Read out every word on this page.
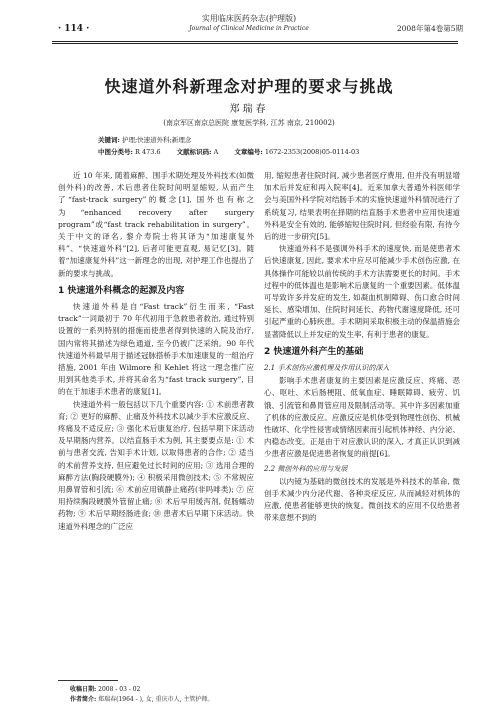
· 114 ·
实用临床医药杂志(护理版)
Journal of Clinical Medicine in Practice	2008年第4卷第5期
快速道外科新理念对护理的要求与挑战
郑瑞春
(南京军区南京总医院 康复医学科, 江苏 南京, 210002)
关键词: 护理;快速道外科;新理念
中图分类号: R 473.6 文献标识码: A 文章编号: 1672-2353(2008)05-0114-03

近 10 年来, 随着麻醉、围手术期处理及外科技术(如微创外科)的改善, 术后患者住院时间明显缩短, 从而产生了“fast-track surgery”的概念[1], 国外也有称之为“enhanced recovery after surgery program”或“fast track rehabilitation in surgery”。关于中文的译名, 黎介寿院士将其译为“加速康复外科”、“快速道外科”[2], 后者可能更直观, 易记忆[3]。随着“加速康复外科”这一新理念的出现, 对护理工作也提出了新的要求与挑战。

1 快速道外科概念的起源及内容

快速道外科是自“Fast track”衍生而来, “Fast track”一词最初于 70 年代初用于急救患者救治, 通过特别设置的一系列特别的措施而使患者得到快速的入院及治疗, 国内常将其描述为绿色通道, 至今仍被广泛采纳。90 年代快速道外科最早用于描述冠脉搭桥手术加速康复的一组治疗措施, 2001 年由 Wilmore 和 Kehlet 将这一理念推广应用到其他类手术, 并将其命名为“fast track surgery”, 目的在于加速手术患者的康复[1]。

快速道外科一般包括以下几个重要内容: ① 术前患者教育; ② 更好的麻醉、止痛及外科技术以减少手术应激反应、疼痛及不适反应; ③ 强化术后康复治疗, 包括早期下床活动及早期肠内营养。以结直肠手术为例, 其主要要点是: ① 术前与患者交流, 告知手术计划, 以取得患者的合作; ② 适当的术前营养支持, 但应避免过长时间的应用; ③ 选用合理的麻醉方法(胸段硬膜外); ④ 积极采用微创技术; ⑤ 不常规应用鼻胃管和引流; ⑥ 术前应用镇静止痛药(非吗啡类); ⑦ 应用持续胸段硬膜外管留止痛; ⑧ 术后早用缓泻剂, 促肠蠕动药物; ⑨ 术后早期经肠进食; ⑩ 患者术后早期下床活动。快速道外科理念的广泛应

用, 缩短患者住院时间, 减少患者医疗费用, 但并没有明显增加术后并发症和再入院率[4]。近来加拿大普通外科医师学会与美国外科学院对结肠手术的实施快速道外科情况进行了系统复习, 结果表明在择期的结直肠手术患者中应用快速道外科是安全有效的, 能够缩短住院时间, 但经验有限, 有待今后的进一步研究[5]。

快速道外科不是强调外科手术的速度快, 而是使患者术后快速康复, 因此, 要求术中应尽可能减少手术创伤应激, 在具体操作可能较以前传统的手术方法需要更长的时间。手术过程中的低体温也是影响术后康复的一个重要因素。低体温可导致许多并发症的发生, 如凝血机制障碍、伤口愈合时间延长、感染增加、住院时间延长、药物代谢速度降低, 还可引起严重的心肺疾患。手术期间采取积极主动的保温措施会显著降低以上并发症的发生率, 有利于患者的康复。

2 快速道外科产生的基础
2.1 手术创伤应激机理及作用认识的深入

影响手术患者康复的主要因素是应激反应、疼痛、恶心、呕吐、术后肠梗阻、低氧血症、睡眠障碍、疲劳、饥饿、引流管和鼻胃管应用及限制活动等。其中许多因素加重了机体的应激反应。应激反应是机体受到物理性创伤、机械性破坏、化学性侵害或情绪因素而引起机体神经、内分泌、内稳态改变。正是由于对应激认识的深入, 才真正认识到减少患者应激是促进患者恢复的前提[6]。

2.2 微创外科的应用与发展

以内镜为基础的微创技术的发展是外科技术的革命, 微创手术减少内分泌代谢、各种炎症反应, 从而减轻对机体的应激, 使患者能够更快的恢复。微创技术的应用不仅给患者带来意想不到的

收稿日期: 2008 - 03 - 02
作者简介: 郑瑞春(1964 - ), 女, 重庆市人, 主管护师。
